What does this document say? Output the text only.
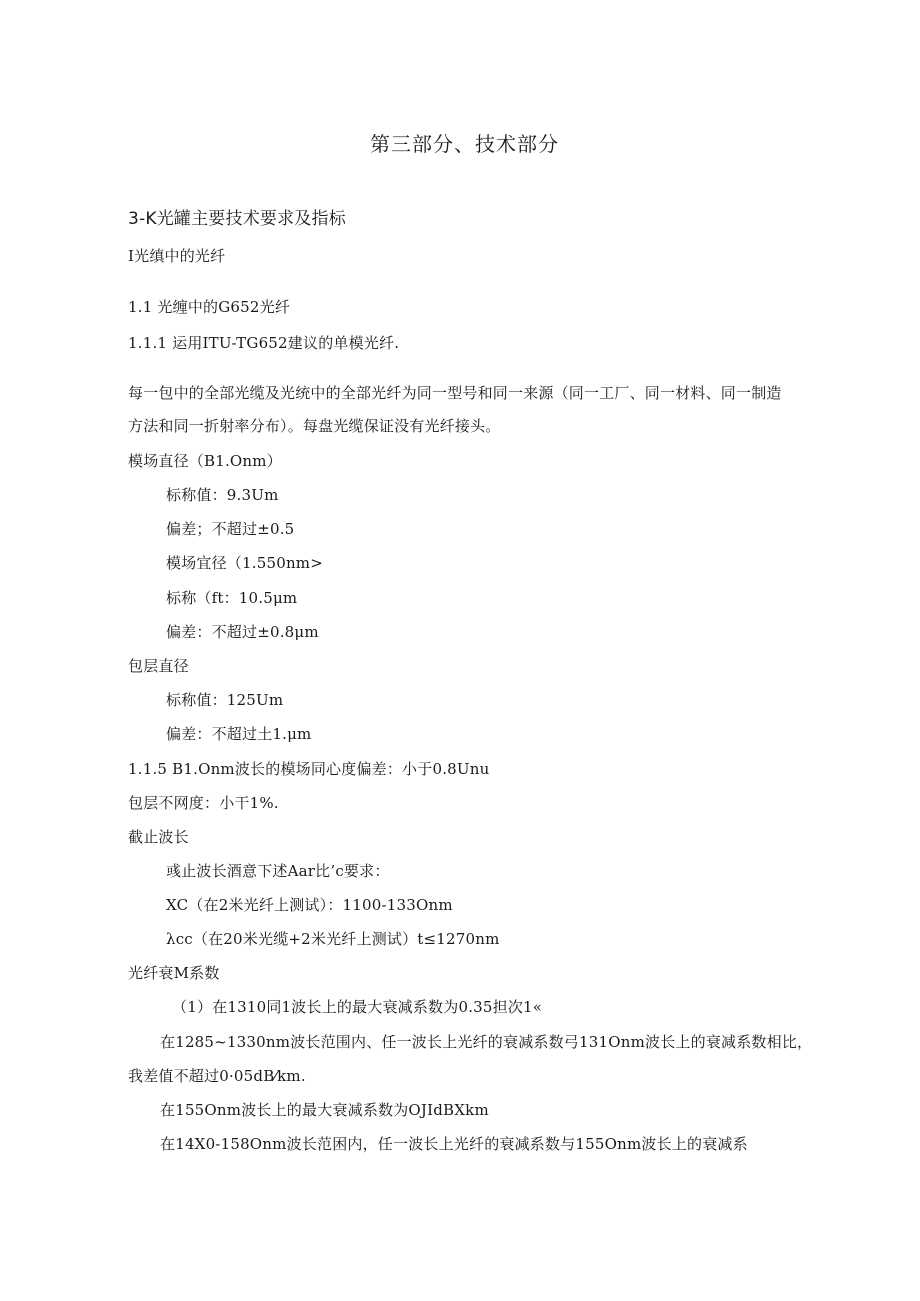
第三部分、技术部分
3-K光罐主要技术要求及指标
I光缜中的光纤
1.1 光缠中的G652光纤
1.1.1 运用ITU-TG652建议的单模光纤.
每一包中的全部光缆及光统中的全部光纤为同一型号和同一来源（同一工厂、同一材料、同一制造
方法和同一折射率分布）。每盘光缆保证没有光纤接头。
模场直径（B1.Onm）
标称值：9.3Um
偏差；不超过±0.5
模场宜径（1.550nm>
标称（ft：10.5μm
偏差：不超过±0.8μm
包层直径
标称值：125Um
偏差：不超过土1.μm
1.1.5 B1.Onm波长的模场同心度偏差：小于0.8Unu
包层不网度：小干1%.
截止波长
彧止波长酒意下述Aar比’c要求：
XC（在2米光纤上测试）：1100-133Onm
λcc（在20米光缆+2米光纤上测试）t≤1270nm
光纤衰M系数
（1）在1310同1波长上的最大衰减系数为0.35担次1«
在1285~1330nm波长范围内、任一波长上光纤的衰减系数弓131Onm波长上的衰减系数相比，
我差值不超过0·05dB⁄km.
在155Onm波长上的最大衰减系数为OJIdBXkm
在14X0-158Onm波长范困内，任一波长上光纤的衰减系数与155Onm波长上的衰减系
